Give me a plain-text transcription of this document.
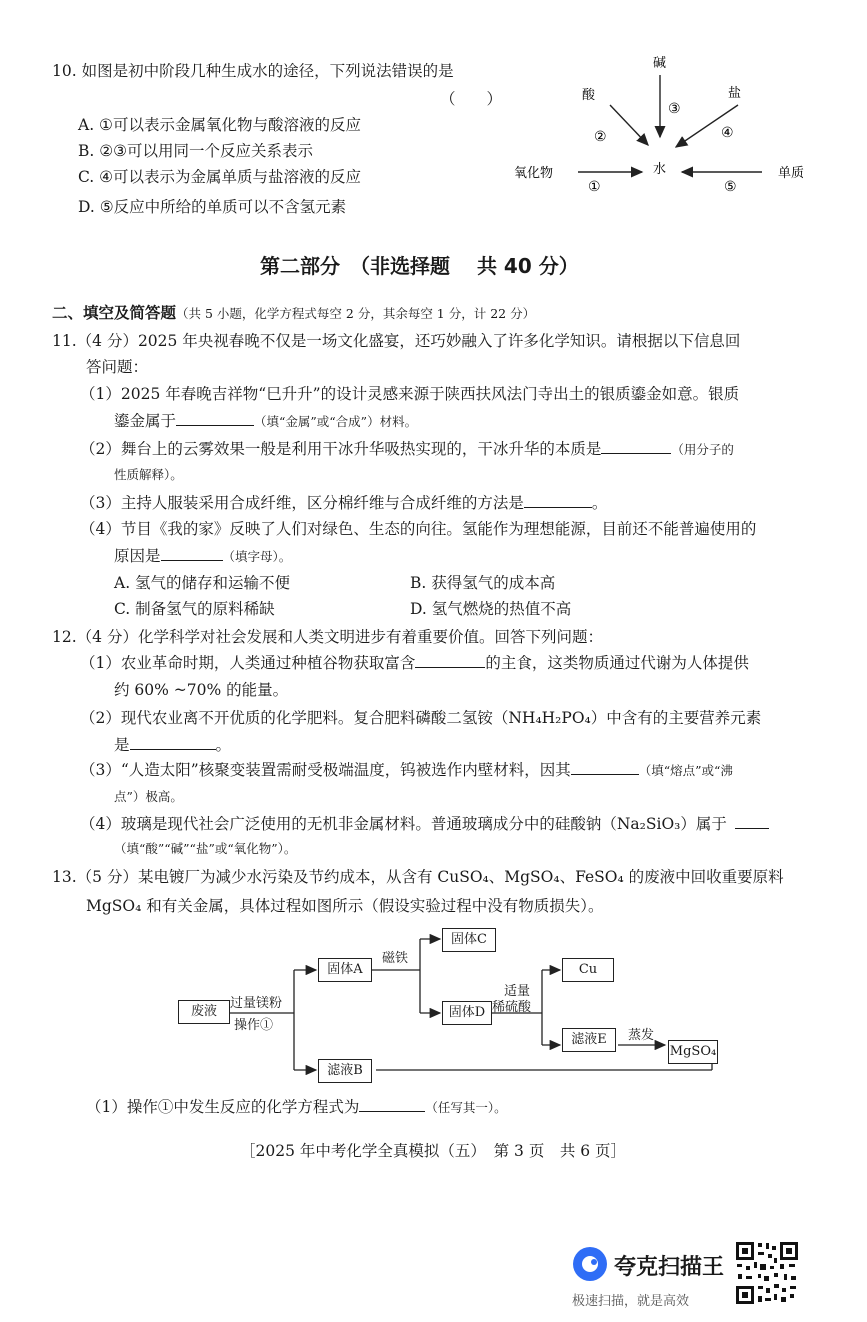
10. 如图是初中阶段几种生成水的途径，下列说法错误的是
（　　）
A. ①可以表示金属氧化物与酸溶液的反应
B. ②③可以用同一个反应关系表示
C. ④可以表示为金属单质与盐溶液的反应
D. ⑤反应中所给的单质可以不含氢元素
碱
酸	盐
氧化物	单质
水
③
②	④
①	⑤
第二部分　（非选择题　 共 40 分）
二、填空及简答题（共 5 小题，化学方程式每空 2 分，其余每空 1 分，计 22 分）
11.（4 分）2025 年央视春晚不仅是一场文化盛宴，还巧妙融入了许多化学知识。请根据以下信息回
答问题：
（1）2025 年春晚吉祥物“巳升升”的设计灵感来源于陕西扶风法门寺出土的银质鎏金如意。银质
鎏金属于	（填“金属”或“合成”）材料。
（2）舞台上的云雾效果一般是利用干冰升华吸热实现的，干冰升华的本质是	（用分子的
性质解释）。
（3）主持人服装采用合成纤维，区分棉纤维与合成纤维的方法是	。
（4）节目《我的家》反映了人们对绿色、生态的向往。氢能作为理想能源，目前还不能普遍使用的
原因是	（填字母）。
A. 氢气的储存和运输不便	B. 获得氢气的成本高
C. 制备氢气的原料稀缺	D. 氢气燃烧的热值不高
12.（4 分）化学科学对社会发展和人类文明进步有着重要价值。回答下列问题：
（1）农业革命时期，人类通过种植谷物获取富含	的主食，这类物质通过代谢为人体提供
约 60% ~70% 的能量。
（2）现代农业离不开优质的化学肥料。复合肥料磷酸二氢铵（NH₄H₂PO₄）中含有的主要营养元素
是	。
（3）“人造太阳”核聚变装置需耐受极端温度，钨被选作内壁材料，因其	（填“熔点”或“沸
点”）极高。
（4）玻璃是现代社会广泛使用的无机非金属材料。普通玻璃成分中的硅酸钠（Na₂SiO₃）属于
（填“酸”“碱”“盐”或“氧化物”）。
13.（5 分）某电镀厂为减少水污染及节约成本，从含有 CuSO₄、MgSO₄、FeSO₄ 的废液中回收重要原料
MgSO₄ 和有关金属，具体过程如图所示（假设实验过程中没有物质损失）。
过量镁粉
操作①
磁铁
适量
稀硫酸
蒸发
废液
固体A
固体C
固体D
Cu
滤液E
MgSO₄
滤液B
（1）操作①中发生反应的化学方程式为	（任写其一）。
［2025 年中考化学全真模拟（五）　第 3 页　共 6 页］
夸克扫描王
极速扫描，就是高效
